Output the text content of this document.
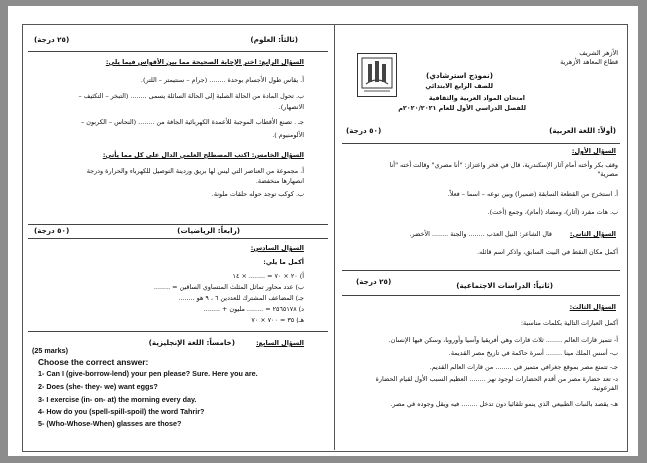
الأزهر الشريف
قطاع المعاهد الأزهرية
(نموذج استرشادي)
للصف الرابع الابتدائي
امتحان المواد العربية والثقافية
للفصل الدراسي الأول للعام ٢٠٢٠/٢٠٢١م
(أولاً: اللغة العربية)
(٥٠ درجة)
السؤال الأول:
وقف بكر وأخته أمام آثار الإسكندرية، قال في فخر واعتزاز: "أنا مصري" وقالت أخته "أنا
مصرية"
أ. استخرج من القطعة السابقة (ضميرا) وبين نوعه – اسما – فعلاً.
ب. هات مفرد (آثار)، ومضاد (أمام)، وجمع (أخت).
السؤال الثاني:
قال الشاعر: النيل العذب ........ والجنة ........ الأخضر.
أكمل مكان النقط في البيت السابق، واذكر اسم قائله.
(ثانياً: الدراسات الاجتماعية)
(٢٥ درجة)
السؤال الثالث:
أكمل العبارات التالية بكلمات مناسبة:
أ- تتميز قارات العالم ........ ثلاث قارات وهي أفريقيا وآسيا وأوروبا، وسكن فيها الإنسان.
ب- أسس الملك مينا ........ أسرة حاكمة في تاريخ مصر القديمة.
جـ- تتمتع مصر بموقع جغرافي متميز في ........ من قارات العالم القديم.
د- تعد حضارة مصر من أقدم الحضارات لوجود نهر ........ العظيم السبب الأول لقيام الحضارة
الفرعونية.
هـ- يقصد بالنبات الطبيعي الذي ينمو تلقائيا دون تدخل ........ فيه ويقل وجوده في مصر.
(ثالثاً: العلوم)
(٢٥ درجة)
السؤال الرابع: اختر الإجابة الصحيحة مما بين الأقواس فيما يلي:
أ. يقاس طول الأجسام بوحدة ........ (جرام – سنتيمتر – اللتر).
ب. تحول المادة من الحالة الصلبة إلى الحالة السائلة يسمى ........ (التبخر – التكثيف –
الانصهار).
جـ . تصنع الأقطاب الموجبة للأعمدة الكهربائية الجافة من ........ (النحاس – الكربون –
الألومنيوم ).
السؤال الخامس: اكتب المصطلح العلمي الدال على كل مما يأتي:
أ. مجموعة من العناصر التي ليس لها بريق وردينة التوصيل للكهرباء والحرارة ودرجة
انصهارها منخفضة.
ب. كوكب توجد حوله حلقات ملونة.
(رابعاً: الرياضيات)
(٥٠ درجة)
السؤال السادس:
أكمل ما يلي:
أ) ٢٠ × ٧٠ = ........ × ١٤
ب) عدد محاور تماثل المثلث المتساوي الساقين = ........
جـ) المضاعف المشترك للعددين ٦ ، ٩ هو ........
د) ٢٥٦٥١٧٨ = ........ مليون + ........
هـ) ٣٥ = ٧٠٠ × ٧٠
السؤال السابع:
(خامساً: اللغة الإنجليزية)
(25 marks)
Choose the correct answer:
1- Can I (give-borrow-lend) your pen please? Sure. Here you are.
2- Does (she- they- we) want eggs?
3- I exercise (in- on- at) the morning every day.
4- How do you (spell-spill-spoil) the word Tahrir?
5- (Who-Whose-When) glasses are those?
